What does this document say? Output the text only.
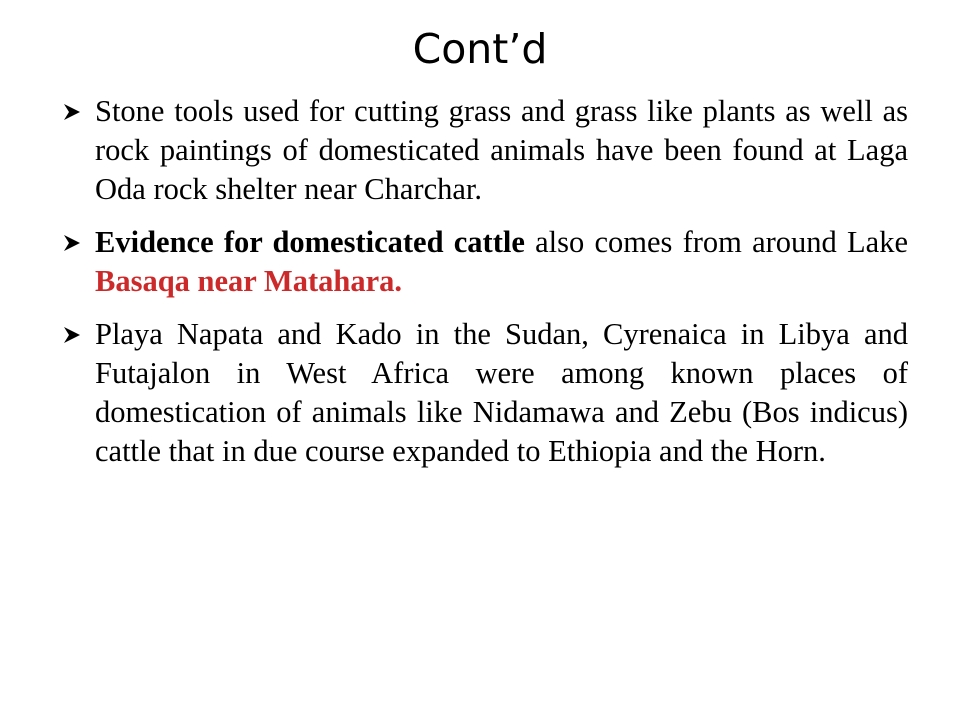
Cont’d
Stone tools used for cutting grass and grass like plants as well as rock paintings of domesticated animals have been found at Laga Oda rock shelter near Charchar.
Evidence for domesticated cattle also comes from around Lake Basaqa near Matahara.
Playa Napata and Kado in the Sudan, Cyrenaica in Libya and Futajalon in West Africa were among known places of domestication of animals like Nidamawa and Zebu (Bos indicus) cattle that in due course expanded to Ethiopia and the Horn.
